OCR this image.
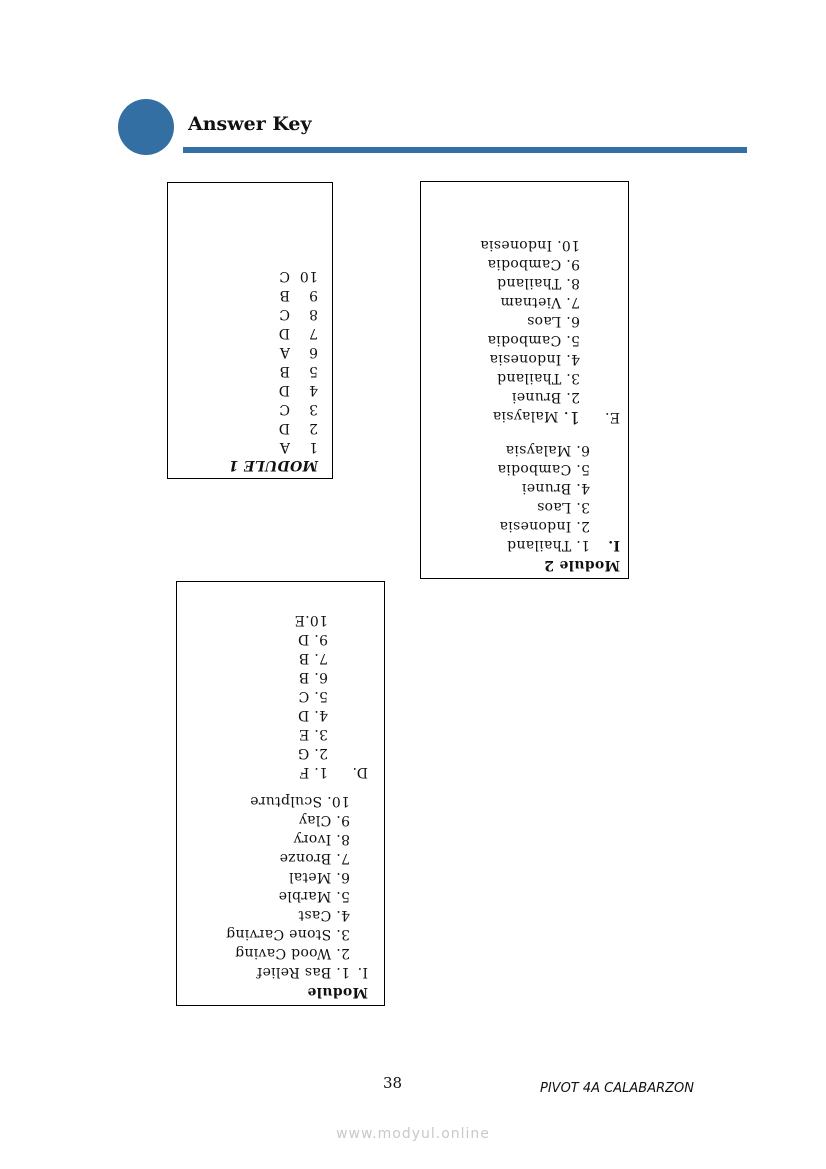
Answer Key
MODULE 1
1A
2D
3C
4D
5B
6A
7D
8C
9B
10C
Module 2
I.
1. Thailand
2. Indonesia
3. Laos
4. Brunei
5. Cambodia
6. Malaysia
E.
1. Malaysia
2. Brunei
3. Thailand
4. Indonesia
5. Cambodia
6. Laos
7. Vietnam
8. Thailand
9. Cambodia
10. Indonesia
Module
I.
1. Bas Relief
2. Wood Caving
3. Stone Carving
4. Cast
5. Marble
6. Metal
7. Bronze
8. Ivory
9. Clay
10. Sculpture
D.
1. F
2. G
3. E
4. D
5. C
6. B
7. B
9. D
10.E
38	PIVOT 4A CALABARZON
www.modyul.online
